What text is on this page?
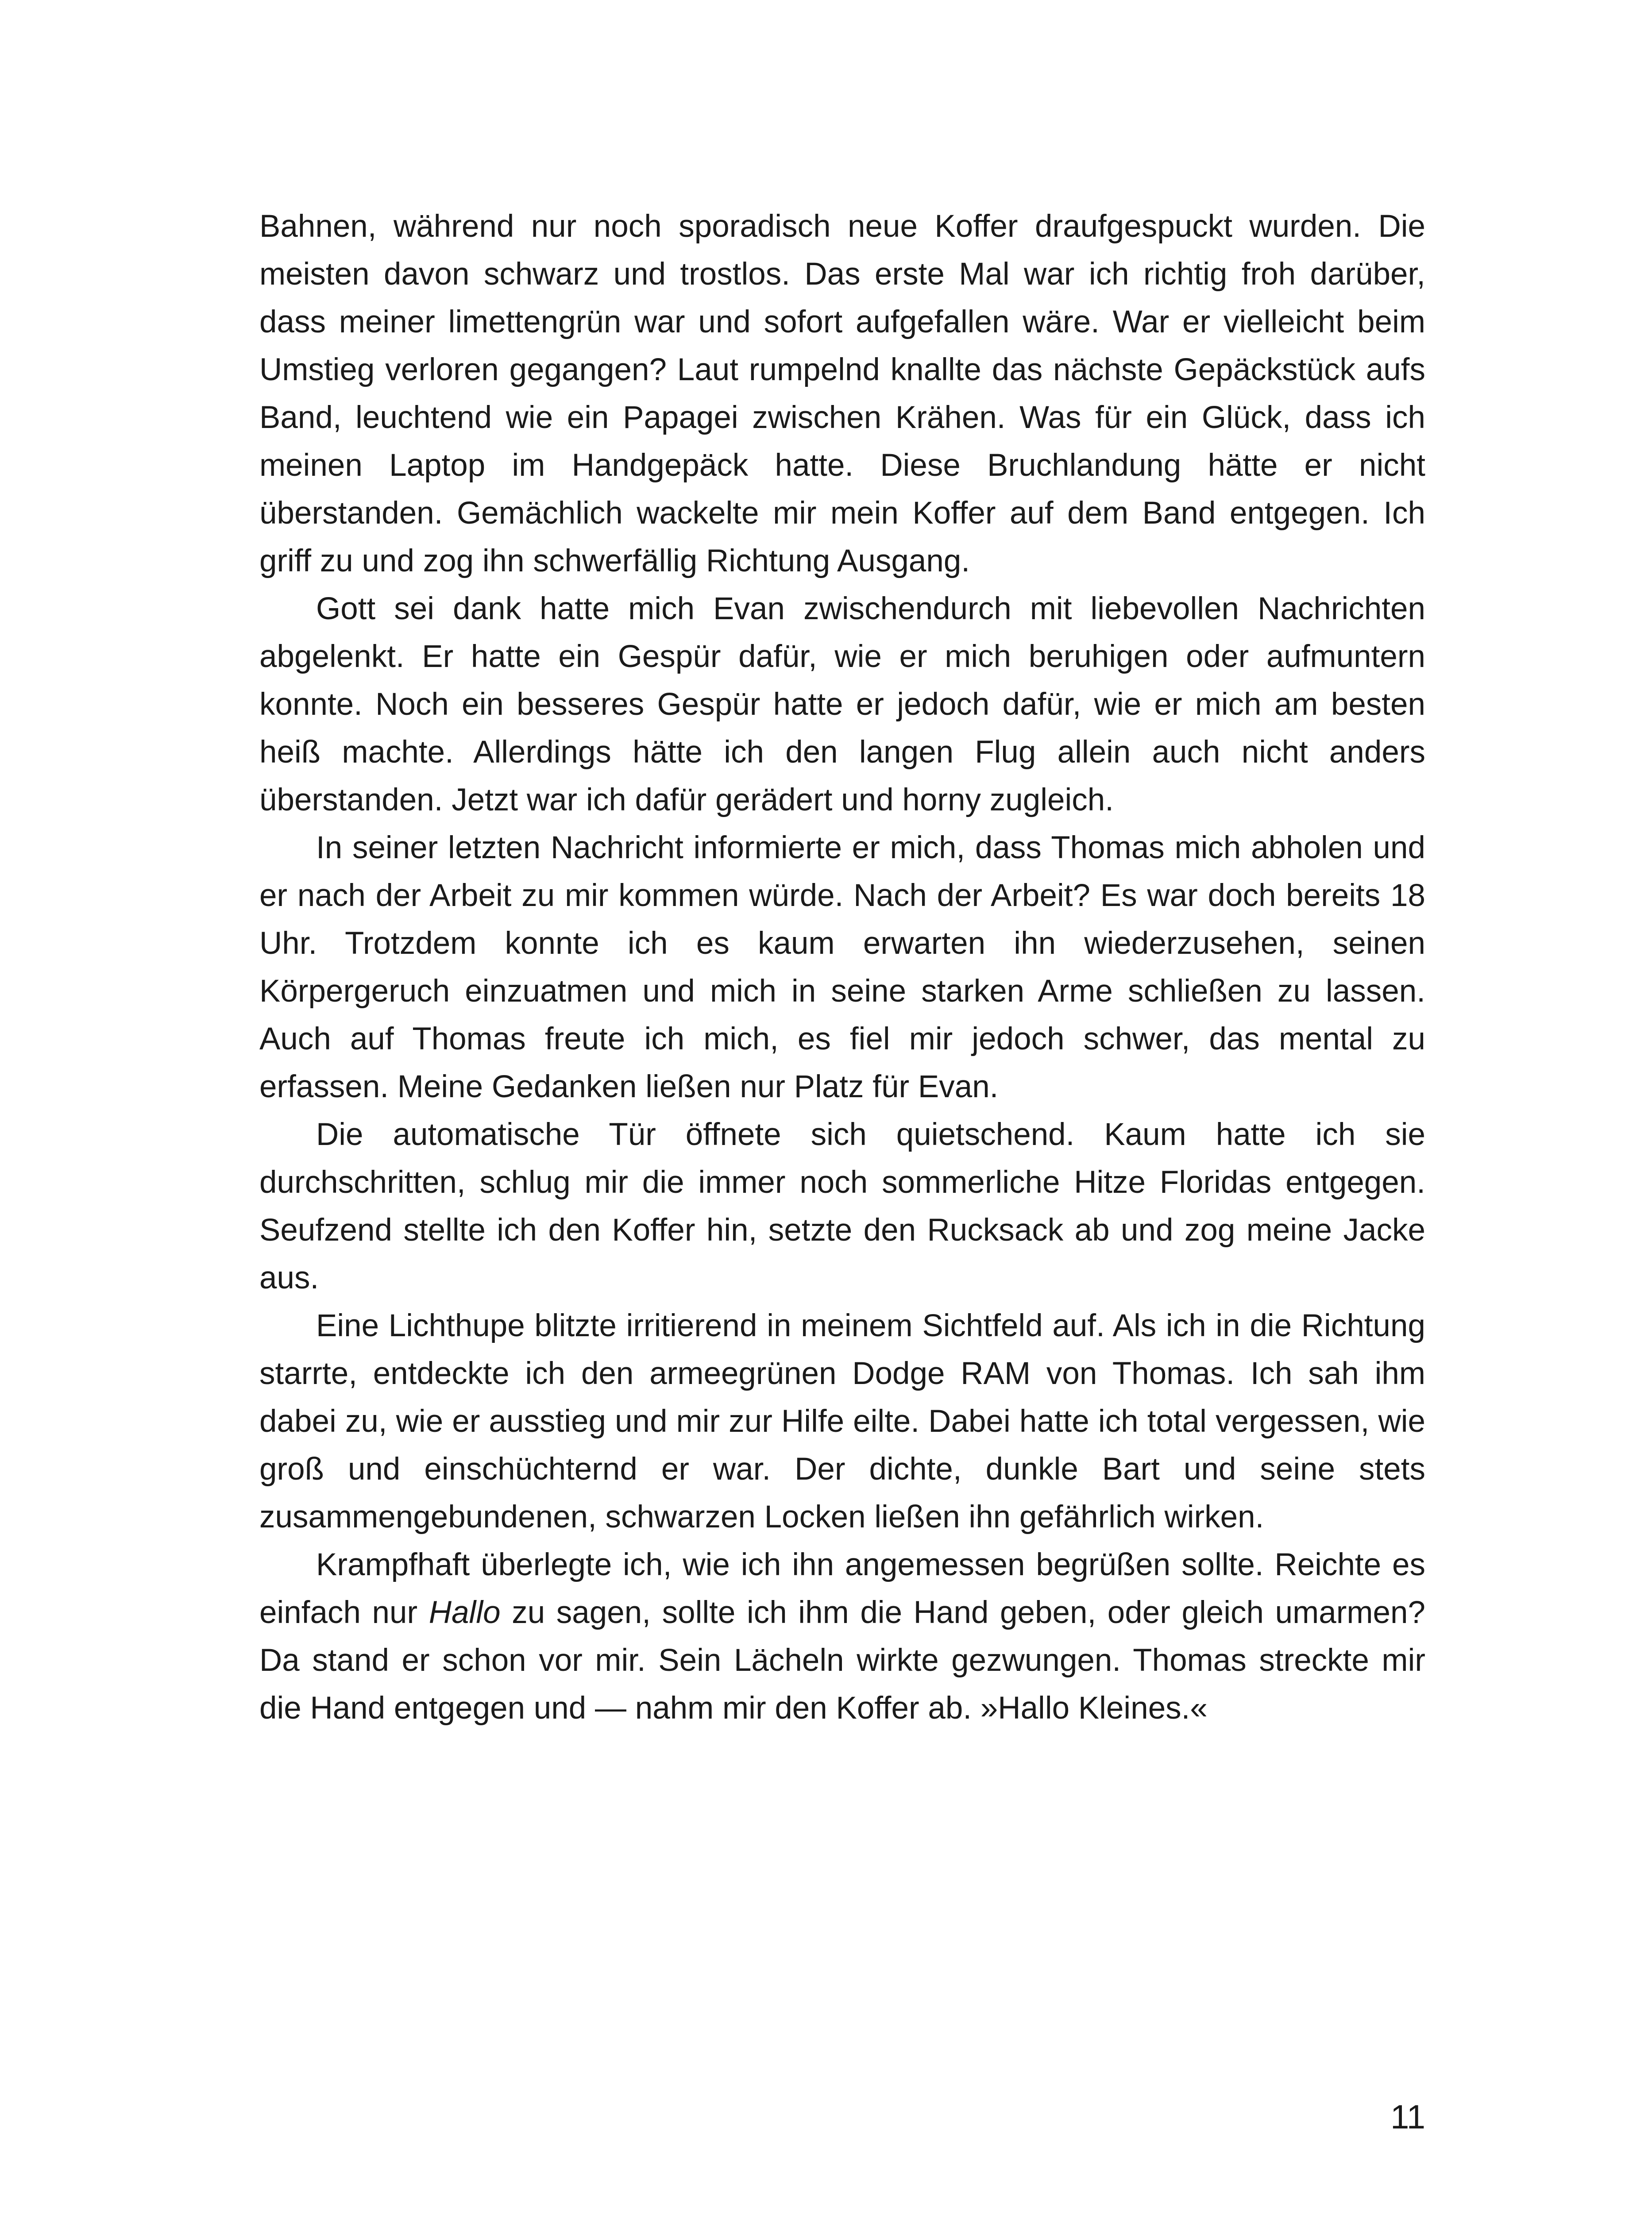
Bahnen, während nur noch sporadisch neue Koffer draufgespuckt wurden. Die meisten davon schwarz und trostlos. Das erste Mal war ich richtig froh darüber, dass meiner limettengrün war und sofort aufgefallen wäre. War er vielleicht beim Umstieg verloren gegangen? Laut rumpelnd knallte das nächste Gepäckstück aufs Band, leuchtend wie ein Papagei zwischen Krähen. Was für ein Glück, dass ich meinen Laptop im Handgepäck hatte. Diese Bruchlandung hätte er nicht überstanden. Gemächlich wackelte mir mein Koffer auf dem Band entgegen. Ich griff zu und zog ihn schwerfällig Richtung Ausgang.

Gott sei dank hatte mich Evan zwischendurch mit liebevollen Nachrichten abgelenkt. Er hatte ein Gespür dafür, wie er mich beruhigen oder aufmuntern konnte. Noch ein besseres Gespür hatte er jedoch dafür, wie er mich am besten heiß machte. Allerdings hätte ich den langen Flug allein auch nicht anders überstanden. Jetzt war ich dafür gerädert und horny zugleich.

In seiner letzten Nachricht informierte er mich, dass Thomas mich abholen und er nach der Arbeit zu mir kommen würde. Nach der Arbeit? Es war doch bereits 18 Uhr. Trotzdem konnte ich es kaum erwarten ihn wiederzusehen, seinen Körpergeruch einzuatmen und mich in seine starken Arme schließen zu lassen. Auch auf Thomas freute ich mich, es fiel mir jedoch schwer, das mental zu erfassen. Meine Gedanken ließen nur Platz für Evan.

Die automatische Tür öffnete sich quietschend. Kaum hatte ich sie durchschritten, schlug mir die immer noch sommerliche Hitze Floridas entgegen. Seufzend stellte ich den Koffer hin, setzte den Rucksack ab und zog meine Jacke aus.

Eine Lichthupe blitzte irritierend in meinem Sichtfeld auf. Als ich in die Richtung starrte, entdeckte ich den armeegrünen Dodge RAM von Thomas. Ich sah ihm dabei zu, wie er ausstieg und mir zur Hilfe eilte. Dabei hatte ich total vergessen, wie groß und einschüchternd er war. Der dichte, dunkle Bart und seine stets zusammengebundenen, schwarzen Locken ließen ihn gefährlich wirken.

Krampfhaft überlegte ich, wie ich ihn angemessen begrüßen sollte. Reichte es einfach nur Hallo zu sagen, sollte ich ihm die Hand geben, oder gleich umarmen? Da stand er schon vor mir. Sein Lächeln wirkte gezwungen. Thomas streckte mir die Hand entgegen und — nahm mir den Koffer ab. »Hallo Kleines.«

11
